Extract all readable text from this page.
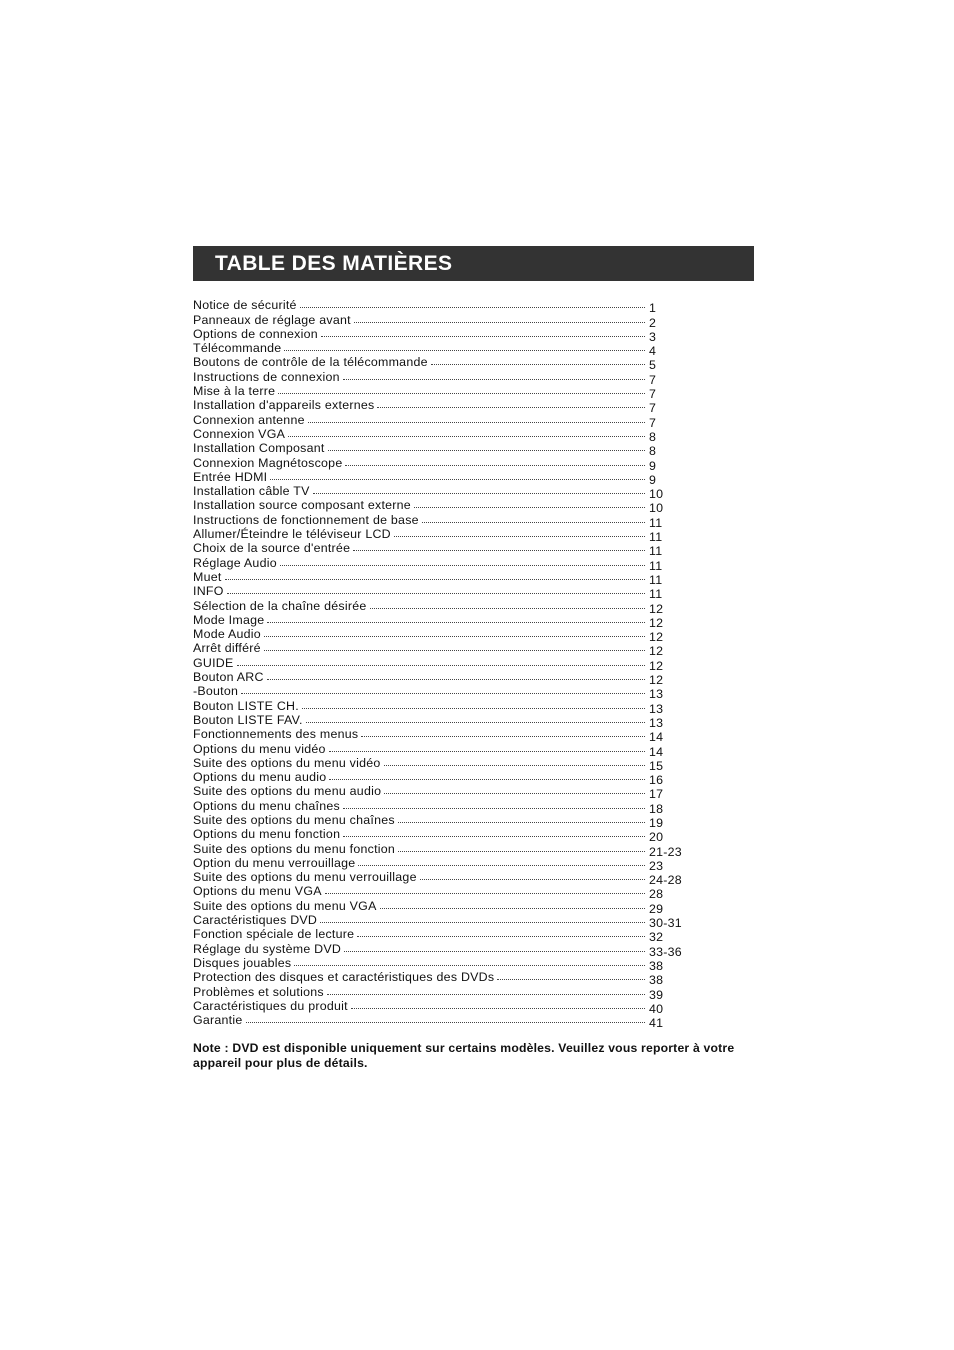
TABLE DES MATIÈRES
Notice de sécurité	1
Panneaux de réglage avant	2
Options de connexion	3
Télécommande	4
Boutons de contrôle de la télécommande	5
Instructions de connexion	7
Mise à la terre	7
Installation d'appareils externes	7
Connexion antenne	7
Connexion VGA	8
Installation Composant	8
Connexion Magnétoscope	9
Entrée HDMI	9
Installation câble TV	10
Installation source composant externe	10
Instructions de fonctionnement de base	11
Allumer/Éteindre le téléviseur LCD	11
Choix de la source d'entrée	11
Réglage Audio	11
Muet	11
INFO	11
Sélection de la chaîne désirée	12
Mode Image	12
Mode Audio	12
Arrêt différé	12
GUIDE	12
Bouton ARC	12
-Bouton	13
Bouton LISTE CH.	13
Bouton LISTE FAV.	13
Fonctionnements des menus	14
Options du menu vidéo	14
Suite des options du menu vidéo	15
Options du menu audio	16
Suite des options du menu audio	17
Options du menu chaînes	18
Suite des options du menu chaînes	19
Options du menu fonction	20
Suite des options du menu fonction	21-23
Option du menu verrouillage	23
Suite des options du menu verrouillage	24-28
Options du menu VGA	28
Suite des options du menu VGA	29
Caractéristiques DVD	30-31
Fonction spéciale de lecture	32
Réglage du système DVD	33-36
Disques jouables	38
Protection des disques et caractéristiques des DVDs	38
Problèmes et solutions	39
Caractéristiques du produit	40
Garantie	41
Note : DVD est disponible uniquement sur certains modèles. Veuillez vous reporter à votre appareil pour plus de détails.
